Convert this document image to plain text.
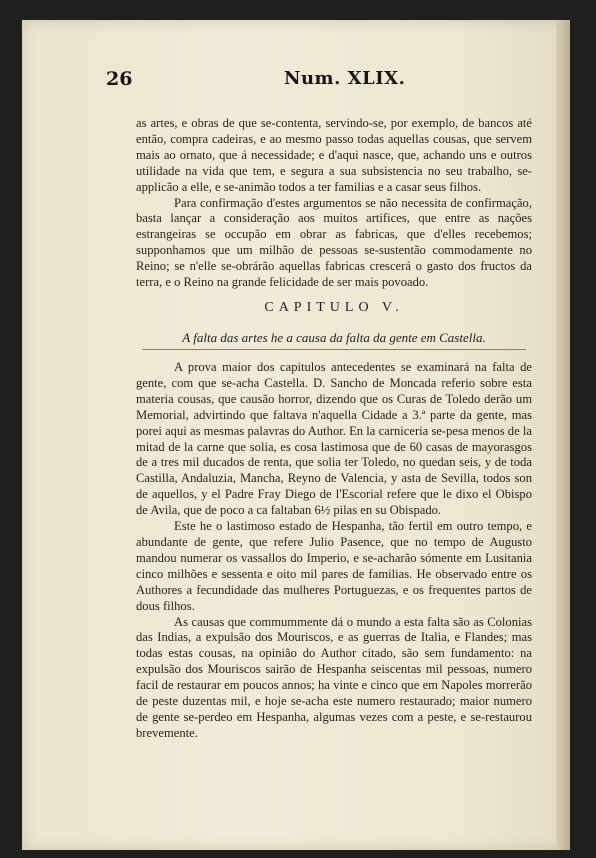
26	Num. XLIX.

as artes, e obras de que se-contenta, servindo-se, por exemplo, de bancos até então, compra cadeiras, e ao mesmo passo todas aquellas cousas, que servem mais ao ornato, que á necessidade; e d'aqui nasce, que, achando uns e outros utilidade na vida que tem, e segura a sua subsistencia no seu trabalho, se-applicão a elle, e se-animão todos a ter familias e a casar seus filhos.

Para confirmação d'estes argumentos se não necessita de confirmação, basta lançar a consideração aos muitos artifices, que entre as nações estrangeiras se occupão em obrar as fabricas, que d'elles recebemos; supponhamos que um milhão de pessoas se-sustentão commodamente no Reino; se n'elle se-obrárão aquellas fabricas crescerá o gasto dos fructos da terra, e o Reino na grande felicidade de ser mais povoado.

CAPITULO V.
A falta das artes he a causa da falta da gente em Castella.

A prova maior dos capitulos antecedentes se examinará na falta de gente, com que se-acha Castella. D. Sancho de Moncada referio sobre esta materia cousas, que causão horror, dizendo que os Curas de Toledo derão um Memorial, advirtindo que faltava n'aquella Cidade a 3.ª parte da gente, mas porei aqui as mesmas palavras do Author. En la carniceria se-pesa menos de la mitad de la carne que solia, es cosa lastimosa que de 60 casas de mayorasgos de a tres mil ducados de renta, que solia ter Toledo, no quedan seis, y de toda Castilla, Andaluzia, Mancha, Reyno de Valencia, y asta de Sevilla, todos son de aquellos, y el Padre Fray Diego de l'Escorial refere que le dixo el Obispo de Avila, que de poco a ca faltaban 6½ pilas en su Obispado.

Este he o lastimoso estado de Hespanha, tão fertil em outro tempo, e abundante de gente, que refere Julio Pasence, que no tempo de Augusto mandou numerar os vassallos do Imperio, e se-acharão sómente em Lusitania cinco milhões e sessenta e oito mil pares de familias. He observado entre os Authores a fecundidade das mulheres Portuguezas, e os frequentes partos de dous filhos.

As causas que commummente dá o mundo a esta falta são as Colonias das Indias, a expulsão dos Mouriscos, e as guerras de Italia, e Flandes; mas todas estas cousas, na opinião do Author citado, são sem fundamento: na expulsão dos Mouriscos sairão de Hespanha seiscentas mil pessoas, numero facil de restaurar em poucos annos; ha vinte e cinco que em Napoles morrerão de peste duzentas mil, e hoje se-acha este numero restaurado; maior numero de gente se-perdeo em Hespanha, algumas vezes com a peste, e se-restaurou brevemente.
